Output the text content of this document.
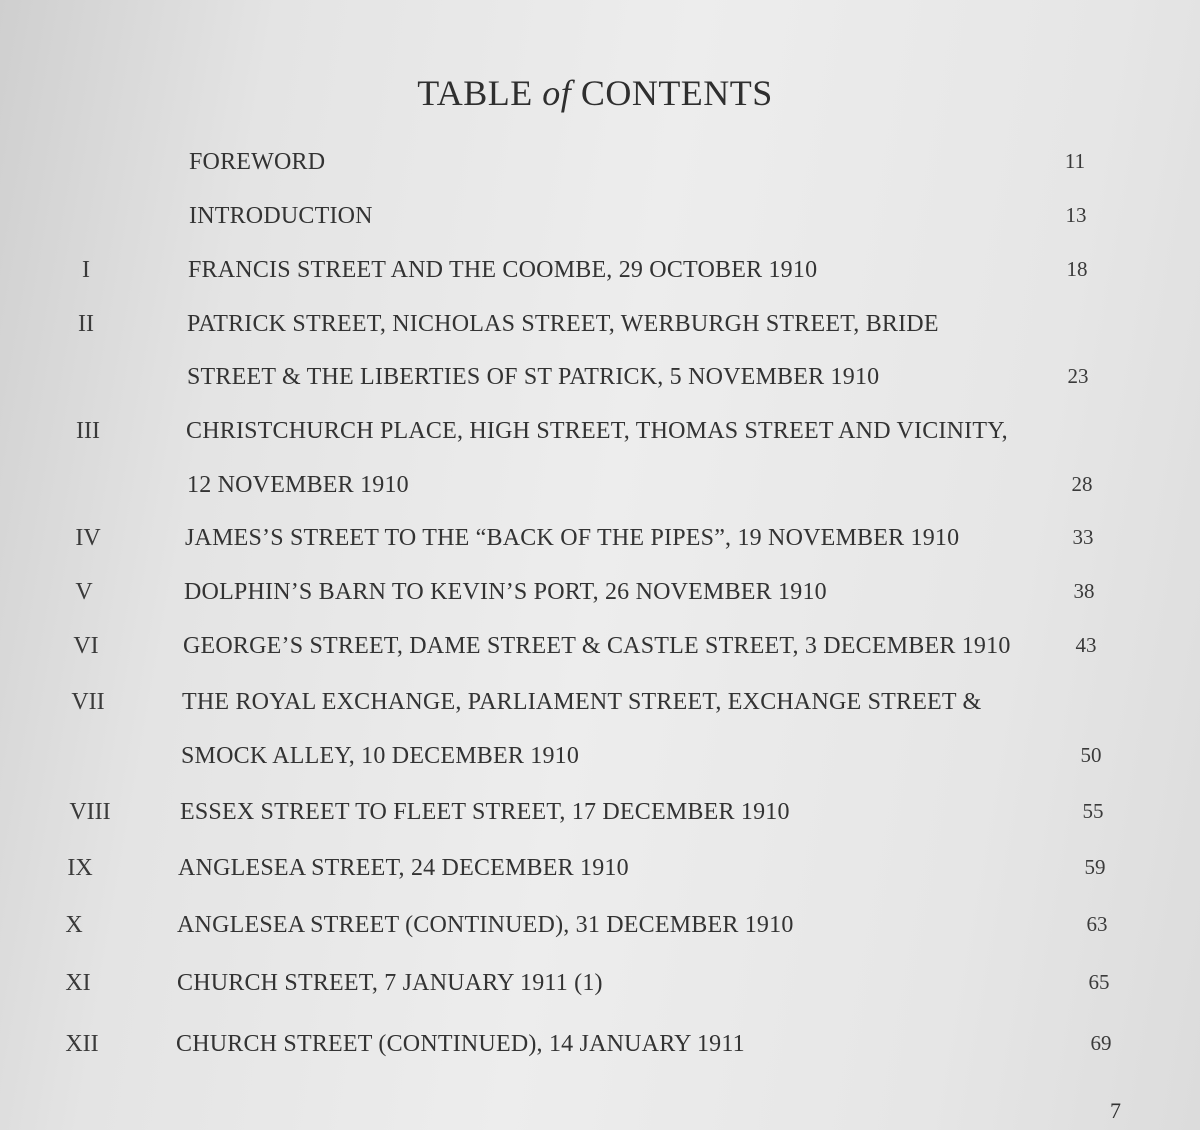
TABLE of CONTENTS
FOREWORD	11
INTRODUCTION	13
I	FRANCIS STREET AND THE COOMBE, 29 OCTOBER 1910	18
II	PATRICK STREET, NICHOLAS STREET, WERBURGH STREET, BRIDE
STREET & THE LIBERTIES OF ST PATRICK, 5 NOVEMBER 1910	23
III	CHRISTCHURCH PLACE, HIGH STREET, THOMAS STREET AND VICINITY,
12 NOVEMBER 1910	28
IV	JAMES’S STREET TO THE “BACK OF THE PIPES”, 19 NOVEMBER 1910	33
V	DOLPHIN’S BARN TO KEVIN’S PORT, 26 NOVEMBER 1910	38
VI	GEORGE’S STREET, DAME STREET & CASTLE STREET, 3 DECEMBER 1910	43
VII	THE ROYAL EXCHANGE, PARLIAMENT STREET, EXCHANGE STREET &
SMOCK ALLEY, 10 DECEMBER 1910	50
VIII	ESSEX STREET TO FLEET STREET, 17 DECEMBER 1910	55
IX	ANGLESEA STREET, 24 DECEMBER 1910	59
X	ANGLESEA STREET (CONTINUED), 31 DECEMBER 1910	63
XI	CHURCH STREET, 7 JANUARY 1911 (1)	65
XII	CHURCH STREET (CONTINUED), 14 JANUARY 1911	69
7
